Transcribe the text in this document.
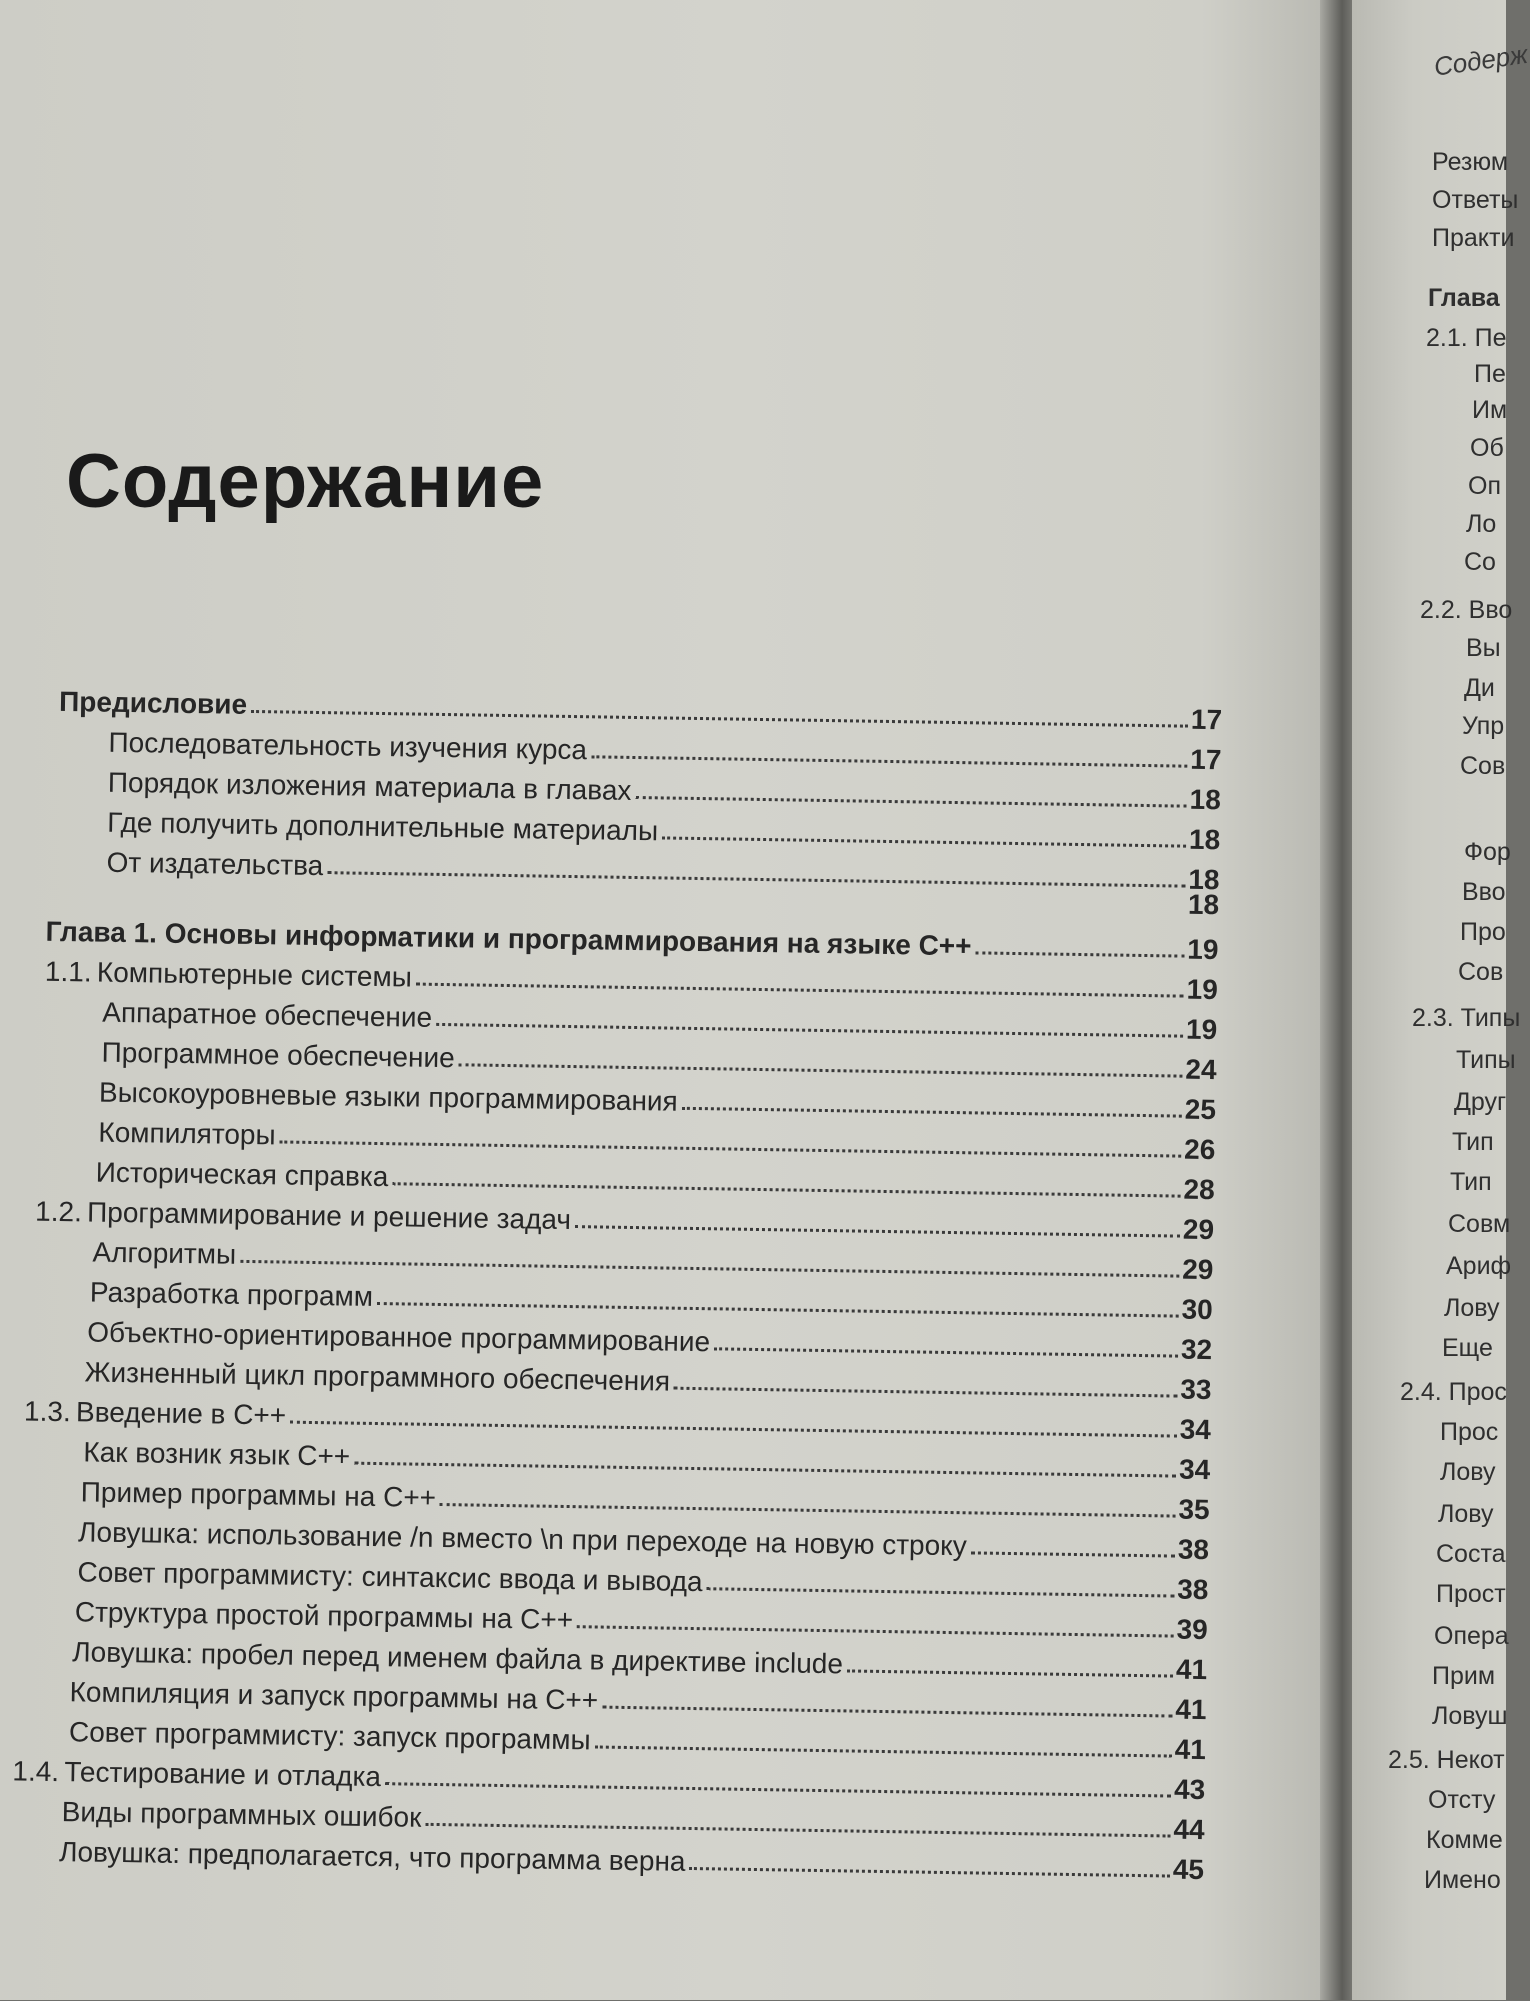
Содержание
Предисловие	17
Последовательность изучения курса	17
Порядок изложения материала в главах	18
Где получить дополнительные материалы	18
От издательства	18
Глава 1. Основы информатики и программирования на языке C++	19
1.1. Компьютерные системы	19
Аппаратное обеспечение	19
Программное обеспечение	24
Высокоуровневые языки программирования	25
Компиляторы	26
Историческая справка	28
1.2. Программирование и решение задач	29
Алгоритмы	29
Разработка программ	30
Объектно-ориентированное программирование	32
Жизненный цикл программного обеспечения	33
1.3. Введение в C++	34
Как возник язык C++	34
Пример программы на C++	35
Ловушка: использование /n вместо \n при переходе на новую строку	38
Совет программисту: синтаксис ввода и вывода	38
Структура простой программы на C++	39
Ловушка: пробел перед именем файла в директиве include	41
Компиляция и запуск программы на C++	41
Совет программисту: запуск программы	41
1.4. Тестирование и отладка	43
Виды программных ошибок	44
Ловушка: предполагается, что программа верна	45
18
Резюм
Ответы
Практи
Глава
2.1. Пе
Пе
Им
Об
Оп
Ло
Со
2.2. Вво
Вы
Ди
Упр
Сов
Фор
Вво
Про
Сов
2.3. Типы
Типы
Друг
Тип
Тип
Совм
Ариф
Лову
Еще
2.4. Прос
Прос
Лову
Лову
Соста
Прост
Опера
Прим
Ловуш
2.5. Некот
Отсту
Комме
Имено
Содерж
